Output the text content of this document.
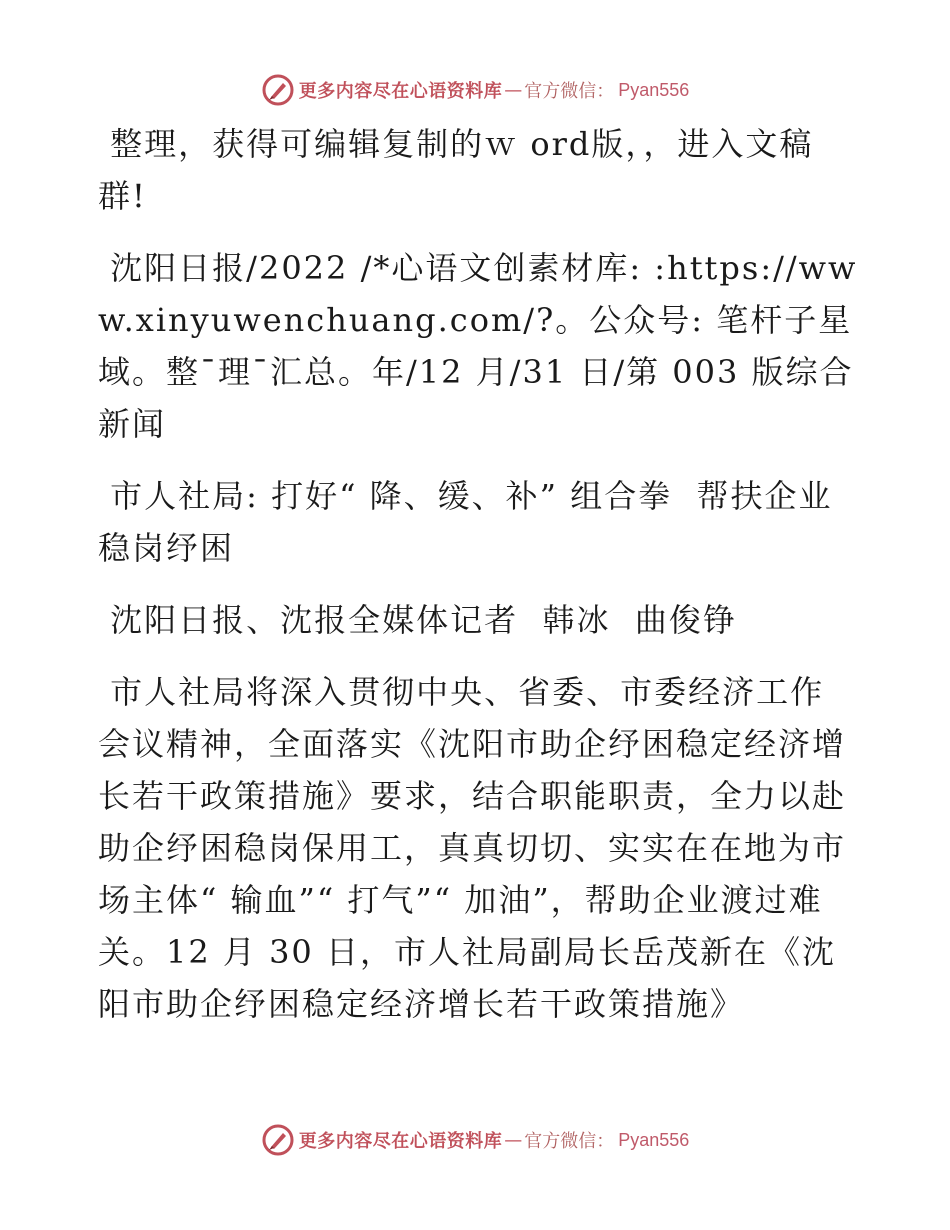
更多内容尽在心语资料库 — 官方微信： Pyan556

整理，获得可编辑复制的ｗ ord版，，进入文稿群!

沈阳日报/2022 /*心语文创素材库: :https://www.xinyuwenchuang.com/?。公众号: 笔杆子星域。整¯理¯汇总。年/12 月/31 日/第 003 版综合新闻

市人社局: 打好“ 降、缓、补” 组合拳  帮扶企业稳岗纾困

沈阳日报、沈报全媒体记者  韩冰  曲俊铮

市人社局将深入贯彻中央、省委、市委经济工作会议精神，全面落实《沈阳市助企纾困稳定经济增长若干政策措施》要求，结合职能职责，全力以赴助企纾困稳岗保用工，真真切切、实实在在地为市场主体“ 输血”“ 打气”“ 加油”，帮助企业渡过难关。12 月 30 日，市人社局副局长岳茂新在《沈阳市助企纾困稳定经济增长若干政策措施》

更多内容尽在心语资料库 — 官方微信： Pyan556
